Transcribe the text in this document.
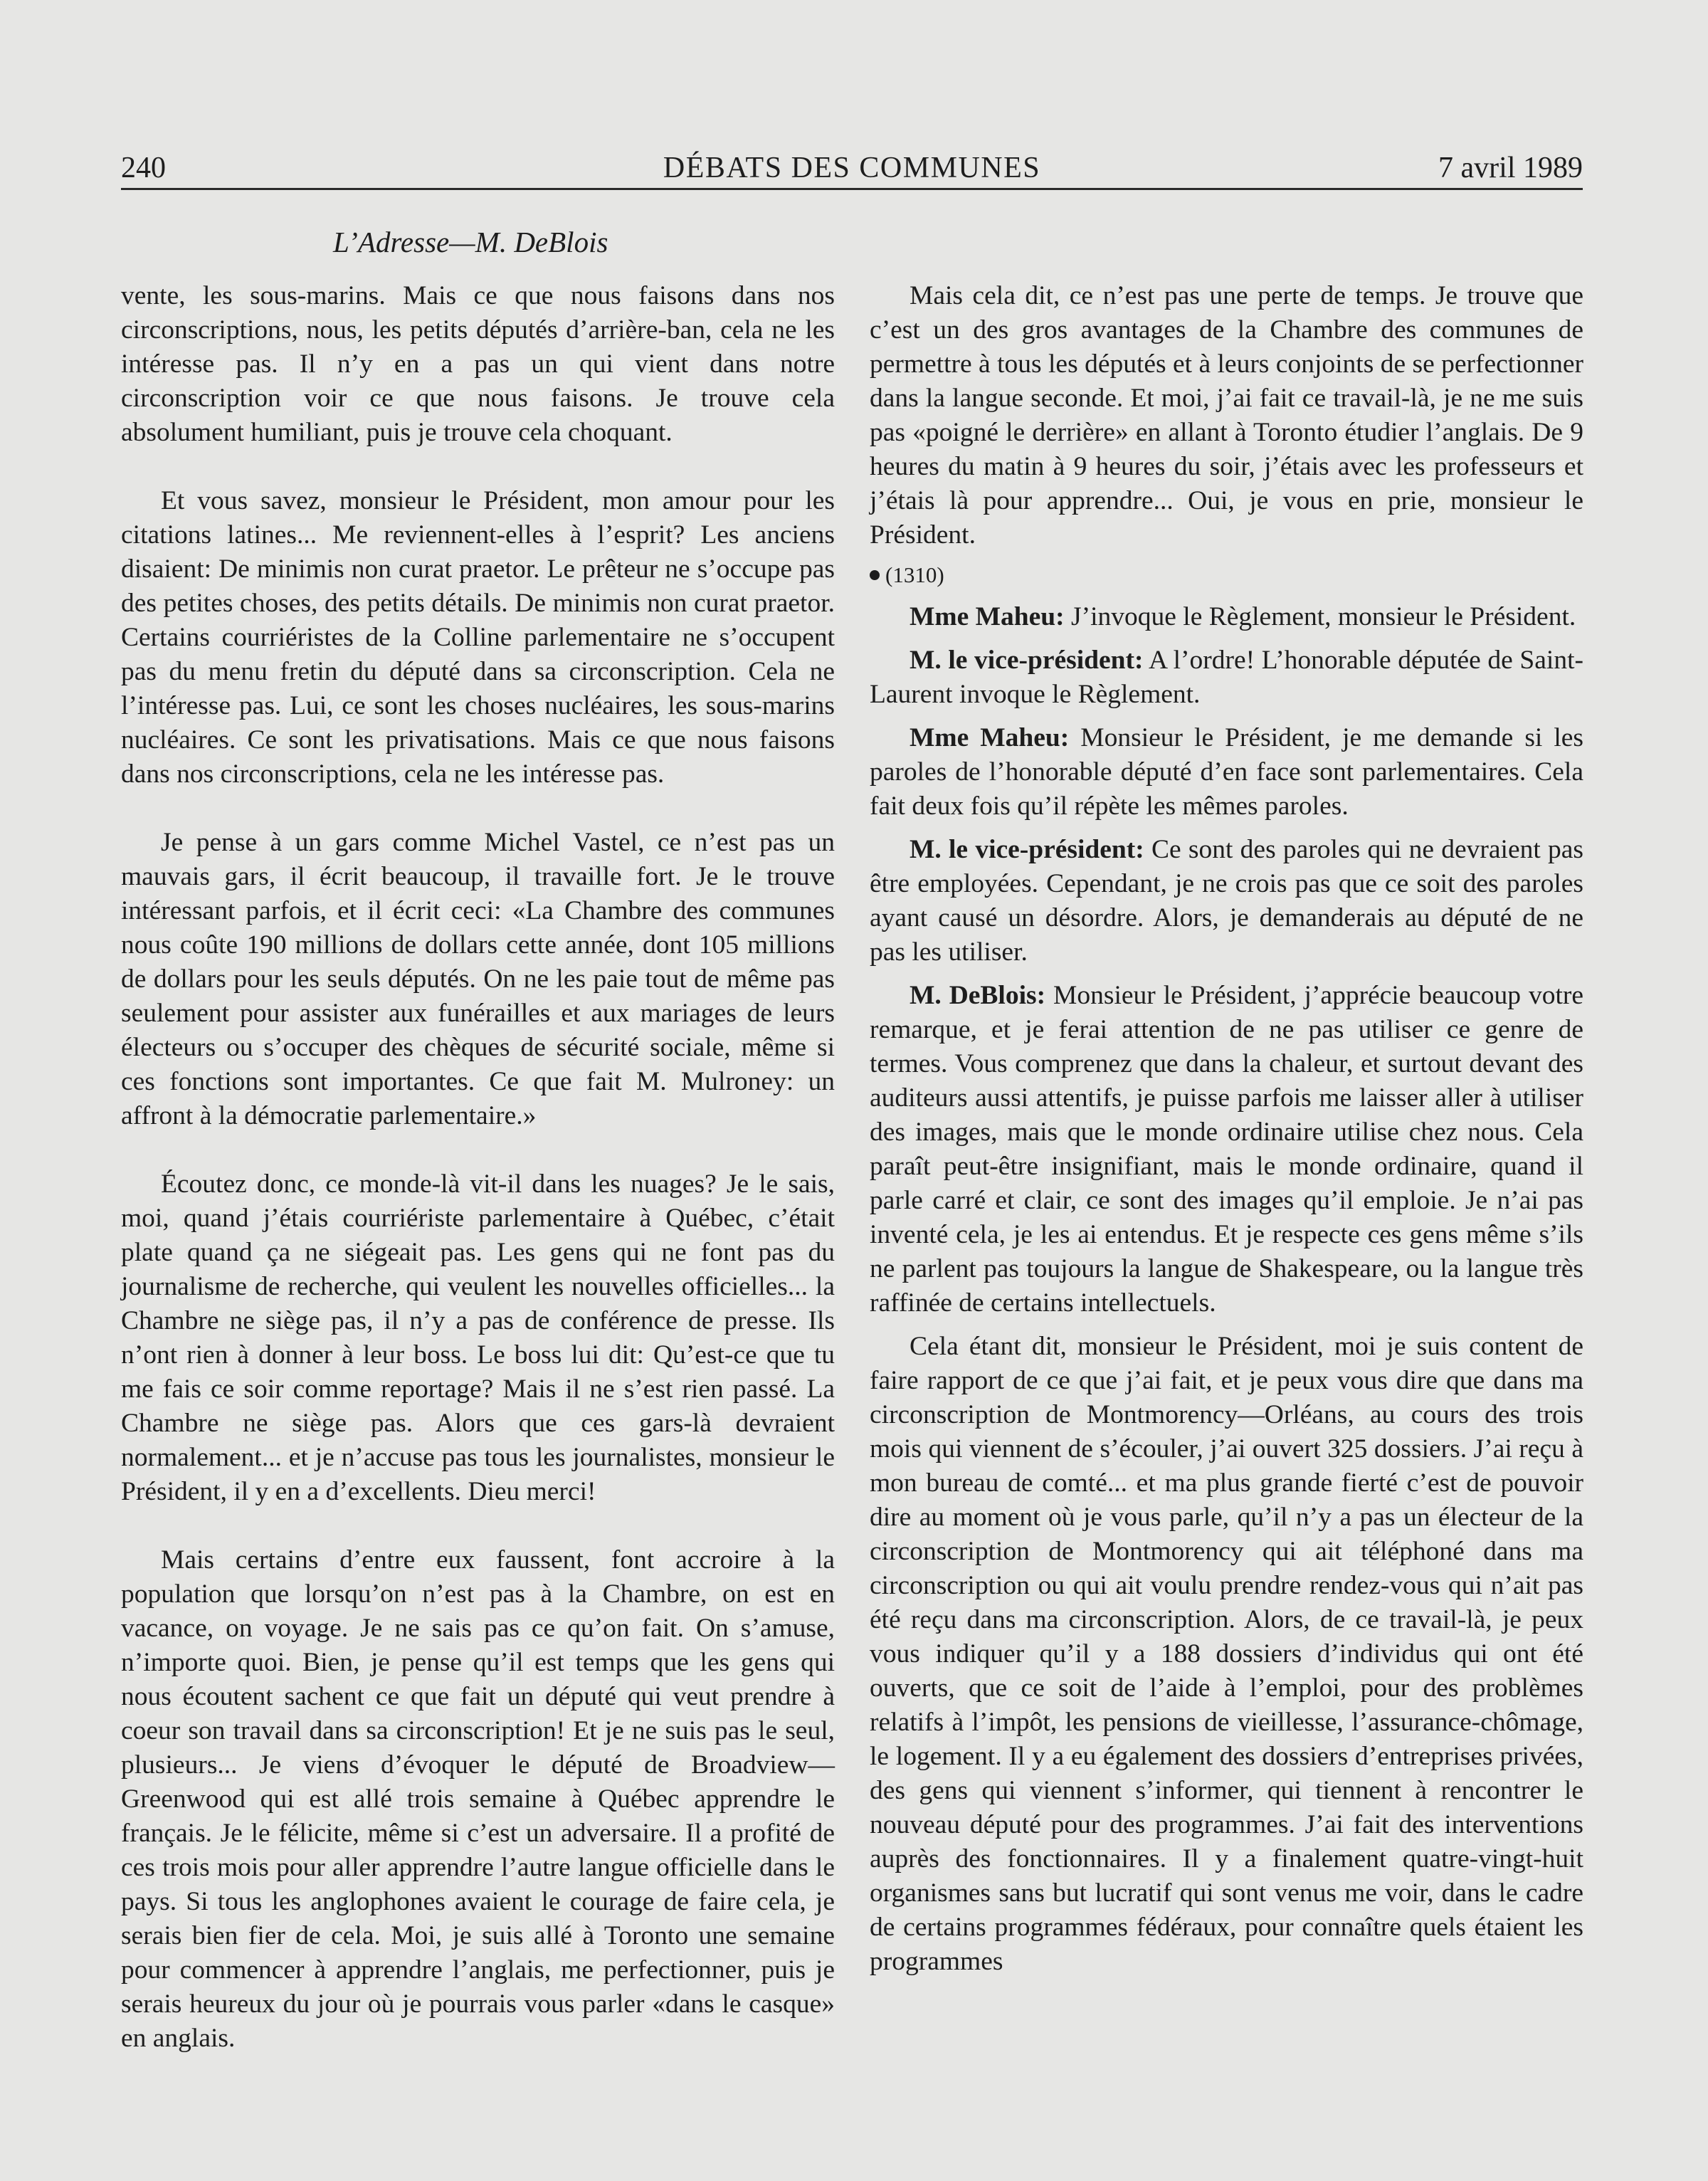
240	DÉBATS DES COMMUNES	7 avril 1989
L’Adresse—M. DeBlois

vente, les sous-marins. Mais ce que nous faisons dans nos circonscriptions, nous, les petits députés d’arrière-ban, cela ne les intéresse pas. Il n’y en a pas un qui vient dans notre circonscription voir ce que nous faisons. Je trouve cela absolument humiliant, puis je trouve cela choquant.

Et vous savez, monsieur le Président, mon amour pour les citations latines... Me reviennent-elles à l’esprit? Les anciens disaient: De minimis non curat praetor. Le prêteur ne s’occupe pas des petites choses, des petits détails. De minimis non curat praetor. Certains courriéristes de la Colline parlementaire ne s’occupent pas du menu fretin du député dans sa circonscription. Cela ne l’intéresse pas. Lui, ce sont les choses nucléaires, les sous-marins nucléaires. Ce sont les privatisations. Mais ce que nous faisons dans nos circonscriptions, cela ne les intéresse pas.

Je pense à un gars comme Michel Vastel, ce n’est pas un mauvais gars, il écrit beaucoup, il travaille fort. Je le trouve intéressant parfois, et il écrit ceci: «La Chambre des communes nous coûte 190 millions de dollars cette année, dont 105 millions de dollars pour les seuls députés. On ne les paie tout de même pas seulement pour assister aux funérailles et aux mariages de leurs électeurs ou s’occuper des chèques de sécurité sociale, même si ces fonctions sont importantes. Ce que fait M. Mulroney: un affront à la démocratie parlementaire.»

Écoutez donc, ce monde-là vit-il dans les nuages? Je le sais, moi, quand j’étais courriériste parlementaire à Québec, c’était plate quand ça ne siégeait pas. Les gens qui ne font pas du journalisme de recherche, qui veulent les nouvelles officielles... la Chambre ne siège pas, il n’y a pas de conférence de presse. Ils n’ont rien à donner à leur boss. Le boss lui dit: Qu’est-ce que tu me fais ce soir comme reportage? Mais il ne s’est rien passé. La Chambre ne siège pas. Alors que ces gars-là devraient normalement... et je n’accuse pas tous les journalistes, monsieur le Président, il y en a d’excellents. Dieu merci!

Mais certains d’entre eux faussent, font accroire à la population que lorsqu’on n’est pas à la Chambre, on est en vacance, on voyage. Je ne sais pas ce qu’on fait. On s’amuse, n’importe quoi. Bien, je pense qu’il est temps que les gens qui nous écoutent sachent ce que fait un député qui veut prendre à coeur son travail dans sa circonscription! Et je ne suis pas le seul, plusieurs... Je viens d’évoquer le député de Broadview—Greenwood qui est allé trois semaine à Québec apprendre le français. Je le félicite, même si c’est un adversaire. Il a profité de ces trois mois pour aller apprendre l’autre langue officielle dans le pays. Si tous les anglophones avaient le courage de faire cela, je serais bien fier de cela. Moi, je suis allé à Toronto une semaine pour commencer à apprendre l’anglais, me perfectionner, puis je serais heureux du jour où je pourrais vous parler «dans le casque» en anglais.

Mais cela dit, ce n’est pas une perte de temps. Je trouve que c’est un des gros avantages de la Chambre des communes de permettre à tous les députés et à leurs conjoints de se perfectionner dans la langue seconde. Et moi, j’ai fait ce travail-là, je ne me suis pas «poigné le derrière» en allant à Toronto étudier l’anglais. De 9 heures du matin à 9 heures du soir, j’étais avec les professeurs et j’étais là pour apprendre... Oui, je vous en prie, monsieur le Président.

(1310)

Mme Maheu: J’invoque le Règlement, monsieur le Président.

M. le vice-président: A l’ordre! L’honorable députée de Saint-Laurent invoque le Règlement.

Mme Maheu: Monsieur le Président, je me demande si les paroles de l’honorable député d’en face sont parlementaires. Cela fait deux fois qu’il répète les mêmes paroles.

M. le vice-président: Ce sont des paroles qui ne devraient pas être employées. Cependant, je ne crois pas que ce soit des paroles ayant causé un désordre. Alors, je demanderais au député de ne pas les utiliser.

M. DeBlois: Monsieur le Président, j’apprécie beaucoup votre remarque, et je ferai attention de ne pas utiliser ce genre de termes. Vous comprenez que dans la chaleur, et surtout devant des auditeurs aussi attentifs, je puisse parfois me laisser aller à utiliser des images, mais que le monde ordinaire utilise chez nous. Cela paraît peut-être insignifiant, mais le monde ordinaire, quand il parle carré et clair, ce sont des images qu’il emploie. Je n’ai pas inventé cela, je les ai entendus. Et je respecte ces gens même s’ils ne parlent pas toujours la langue de Shakespeare, ou la langue très raffinée de certains intellectuels.

Cela étant dit, monsieur le Président, moi je suis content de faire rapport de ce que j’ai fait, et je peux vous dire que dans ma circonscription de Montmorency—Orléans, au cours des trois mois qui viennent de s’écouler, j’ai ouvert 325 dossiers. J’ai reçu à mon bureau de comté... et ma plus grande fierté c’est de pouvoir dire au moment où je vous parle, qu’il n’y a pas un électeur de la circonscription de Montmorency qui ait téléphoné dans ma circonscription ou qui ait voulu prendre rendez-vous qui n’ait pas été reçu dans ma circonscription. Alors, de ce travail-là, je peux vous indiquer qu’il y a 188 dossiers d’individus qui ont été ouverts, que ce soit de l’aide à l’emploi, pour des problèmes relatifs à l’impôt, les pensions de vieillesse, l’assurance-chômage, le logement. Il y a eu également des dossiers d’entreprises privées, des gens qui viennent s’informer, qui tiennent à rencontrer le nouveau député pour des programmes. J’ai fait des interventions auprès des fonctionnaires. Il y a finalement quatre-vingt-huit organismes sans but lucratif qui sont venus me voir, dans le cadre de certains programmes fédéraux, pour connaître quels étaient les programmes
